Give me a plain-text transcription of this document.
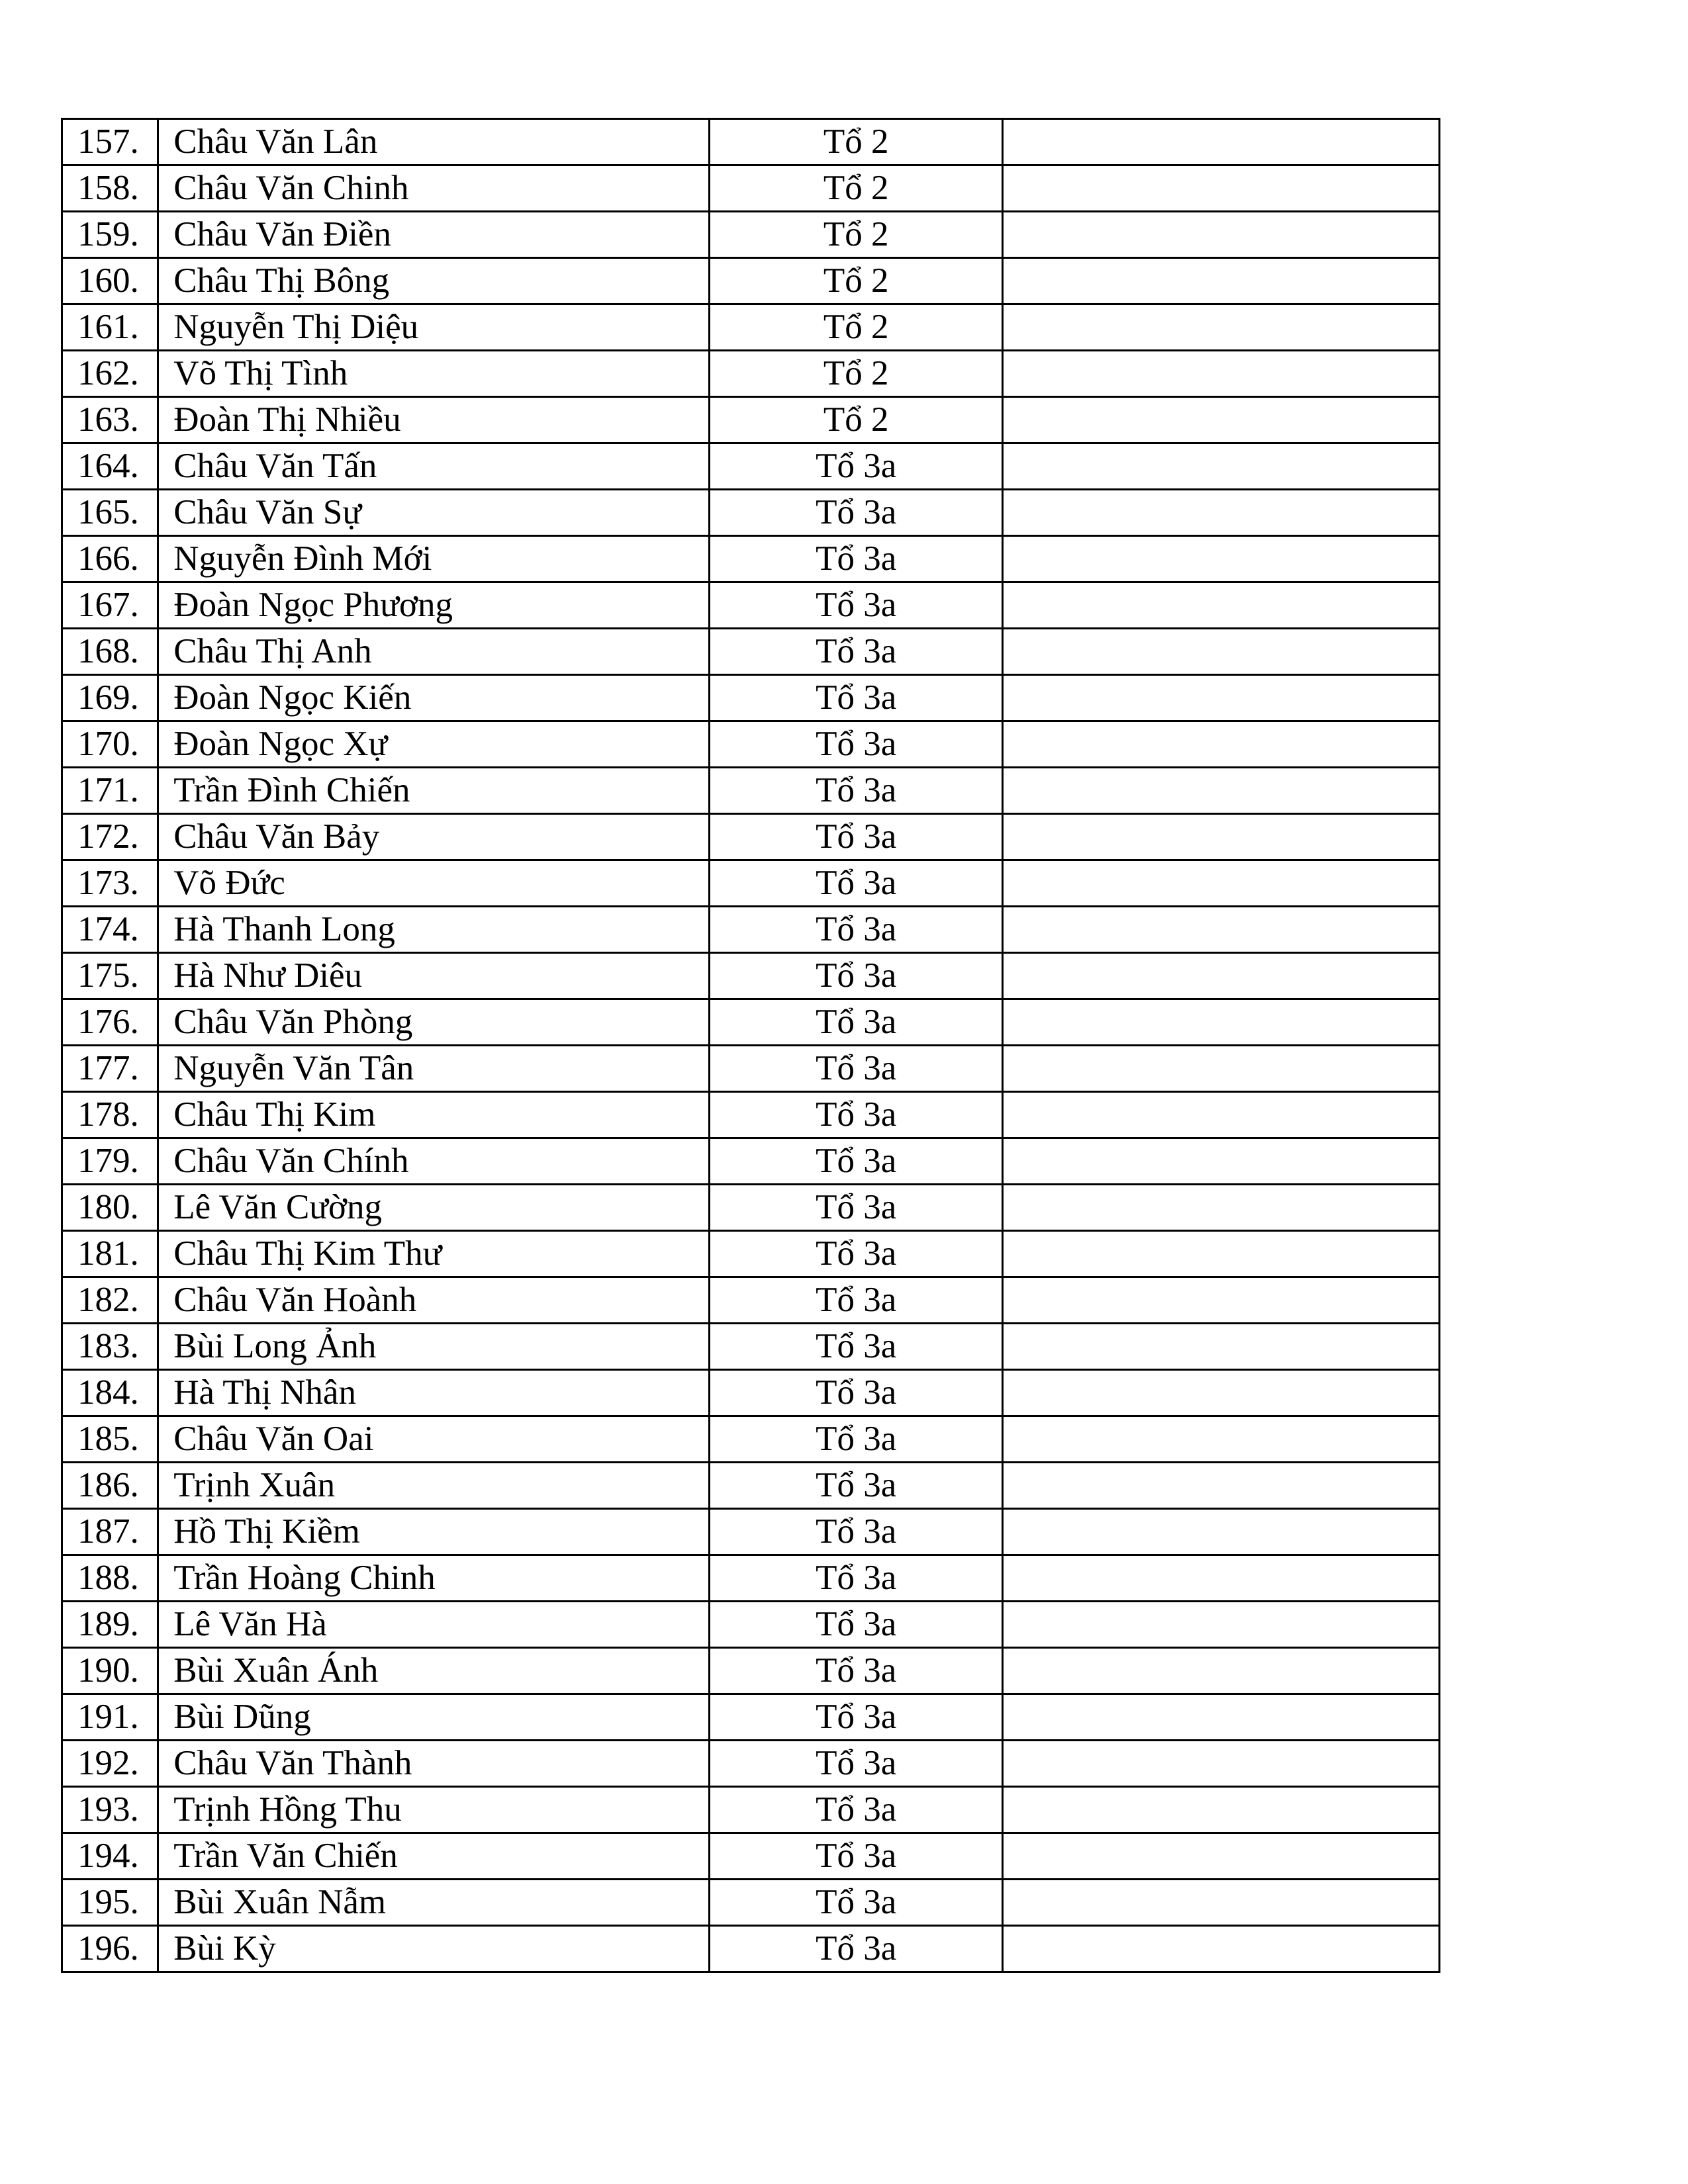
157.	Châu Văn Lân	Tổ 2	
158.	Châu Văn Chinh	Tổ 2	
159.	Châu Văn Điền	Tổ 2	
160.	Châu Thị Bông	Tổ 2	
161.	Nguyễn Thị Diệu	Tổ 2	
162.	Võ Thị Tình	Tổ 2	
163.	Đoàn Thị Nhiều	Tổ 2	
164.	Châu Văn Tấn	Tổ 3a	
165.	Châu Văn Sự	Tổ 3a	
166.	Nguyễn Đình Mới	Tổ 3a	
167.	Đoàn Ngọc Phương	Tổ 3a	
168.	Châu Thị Anh	Tổ 3a	
169.	Đoàn Ngọc Kiến	Tổ 3a	
170.	Đoàn Ngọc Xự	Tổ 3a	
171.	Trần Đình Chiến	Tổ 3a	
172.	Châu Văn Bảy	Tổ 3a	
173.	Võ Đức	Tổ 3a	
174.	Hà Thanh Long	Tổ 3a	
175.	Hà Như Diêu	Tổ 3a	
176.	Châu Văn Phòng	Tổ 3a	
177.	Nguyễn Văn Tân	Tổ 3a	
178.	Châu Thị Kim	Tổ 3a	
179.	Châu Văn Chính	Tổ 3a	
180.	Lê Văn Cường	Tổ 3a	
181.	Châu Thị Kim Thư	Tổ 3a	
182.	Châu Văn Hoành	Tổ 3a	
183.	Bùi Long Ảnh	Tổ 3a	
184.	Hà Thị Nhân	Tổ 3a	
185.	Châu Văn Oai	Tổ 3a	
186.	Trịnh Xuân	Tổ 3a	
187.	Hồ Thị Kiềm	Tổ 3a	
188.	Trần Hoàng Chinh	Tổ 3a	
189.	Lê Văn Hà	Tổ 3a	
190.	Bùi Xuân Ánh	Tổ 3a	
191.	Bùi Dũng	Tổ 3a	
192.	Châu Văn Thành	Tổ 3a	
193.	Trịnh Hồng Thu	Tổ 3a	
194.	Trần Văn Chiến	Tổ 3a	
195.	Bùi Xuân Nẫm	Tổ 3a	
196.	Bùi Kỳ	Tổ 3a	
